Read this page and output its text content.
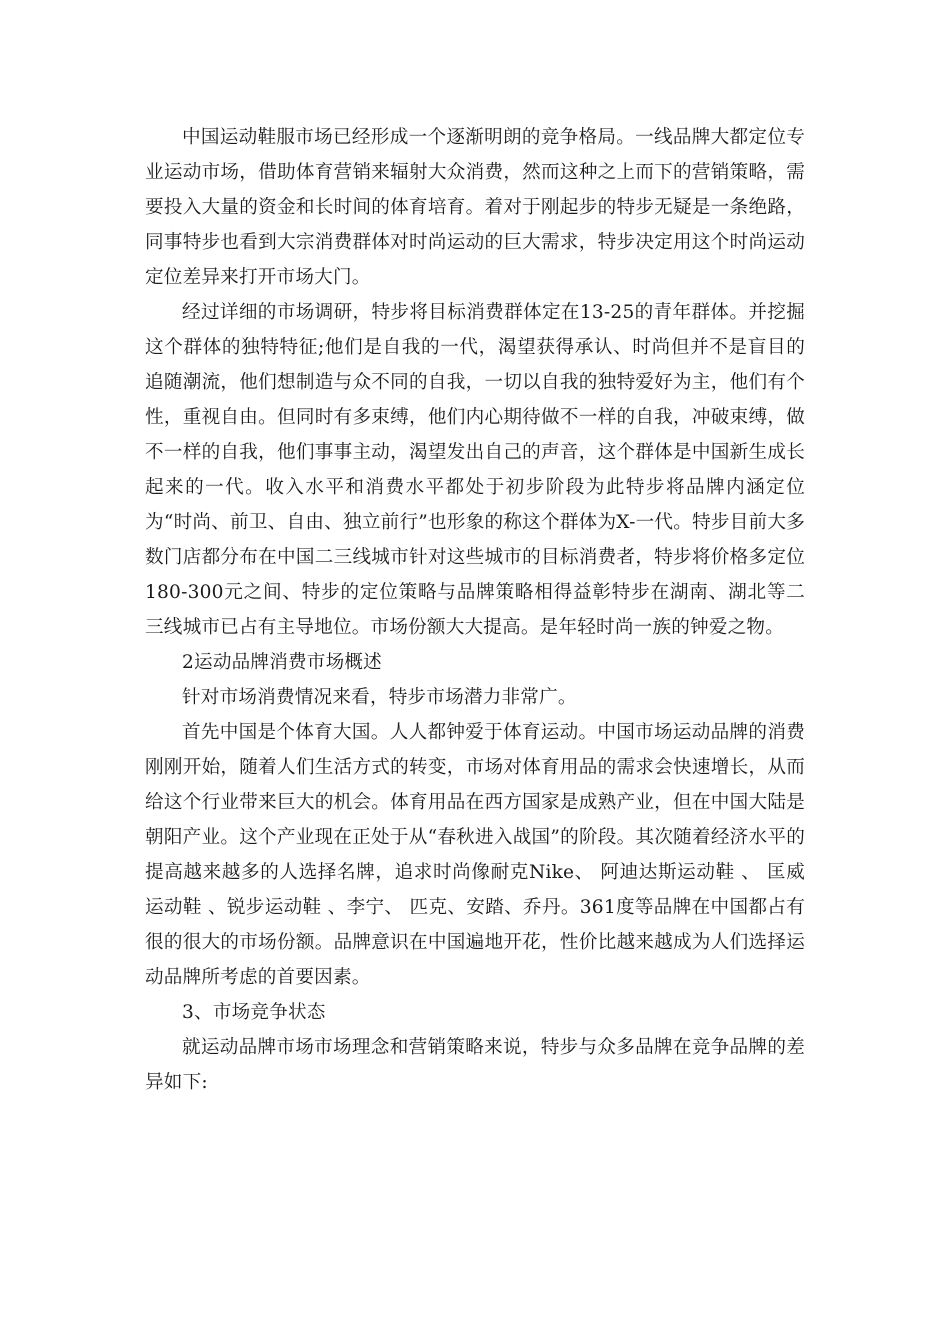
中国运动鞋服市场已经形成一个逐渐明朗的竞争格局。一线品牌大都定位专业运动市场，借助体育营销来辐射大众消费，然而这种之上而下的营销策略，需要投入大量的资金和长时间的体育培育。着对于刚起步的特步无疑是一条绝路，同事特步也看到大宗消费群体对时尚运动的巨大需求，特步决定用这个时尚运动定位差异来打开市场大门。

经过详细的市场调研，特步将目标消费群体定在13-25的青年群体。并挖掘这个群体的独特特征;他们是自我的一代，渴望获得承认、时尚但并不是盲目的追随潮流，他们想制造与众不同的自我，一切以自我的独特爱好为主，他们有个性，重视自由。但同时有多束缚，他们内心期待做不一样的自我，冲破束缚，做不一样的自我，他们事事主动，渴望发出自己的声音，这个群体是中国新生成长起来的一代。收入水平和消费水平都处于初步阶段为此特步将品牌内涵定位为“时尚、前卫、自由、独立前行”也形象的称这个群体为X-一代。特步目前大多数门店都分布在中国二三线城市针对这些城市的目标消费者，特步将价格多定位180-300元之间、特步的定位策略与品牌策略相得益彰特步在湖南、湖北等二三线城市已占有主导地位。市场份额大大提高。是年轻时尚一族的钟爱之物。

2运动品牌消费市场概述

针对市场消费情况来看，特步市场潜力非常广。

首先中国是个体育大国。人人都钟爱于体育运动。中国市场运动品牌的消费刚刚开始，随着人们生活方式的转变，市场对体育用品的需求会快速增长，从而给这个行业带来巨大的机会。体育用品在西方国家是成熟产业，但在中国大陆是朝阳产业。这个产业现在正处于从“春秋进入战国”的阶段。其次随着经济水平的提高越来越多的人选择名牌，追求时尚像耐克Nike、 阿迪达斯运动鞋 、 匡威运动鞋 、锐步运动鞋 、李宁、 匹克、安踏、乔丹。361度等品牌在中国都占有很的很大的市场份额。品牌意识在中国遍地开花，性价比越来越成为人们选择运动品牌所考虑的首要因素。

3、市场竞争状态

就运动品牌市场市场理念和营销策略来说，特步与众多品牌在竞争品牌的差异如下:
